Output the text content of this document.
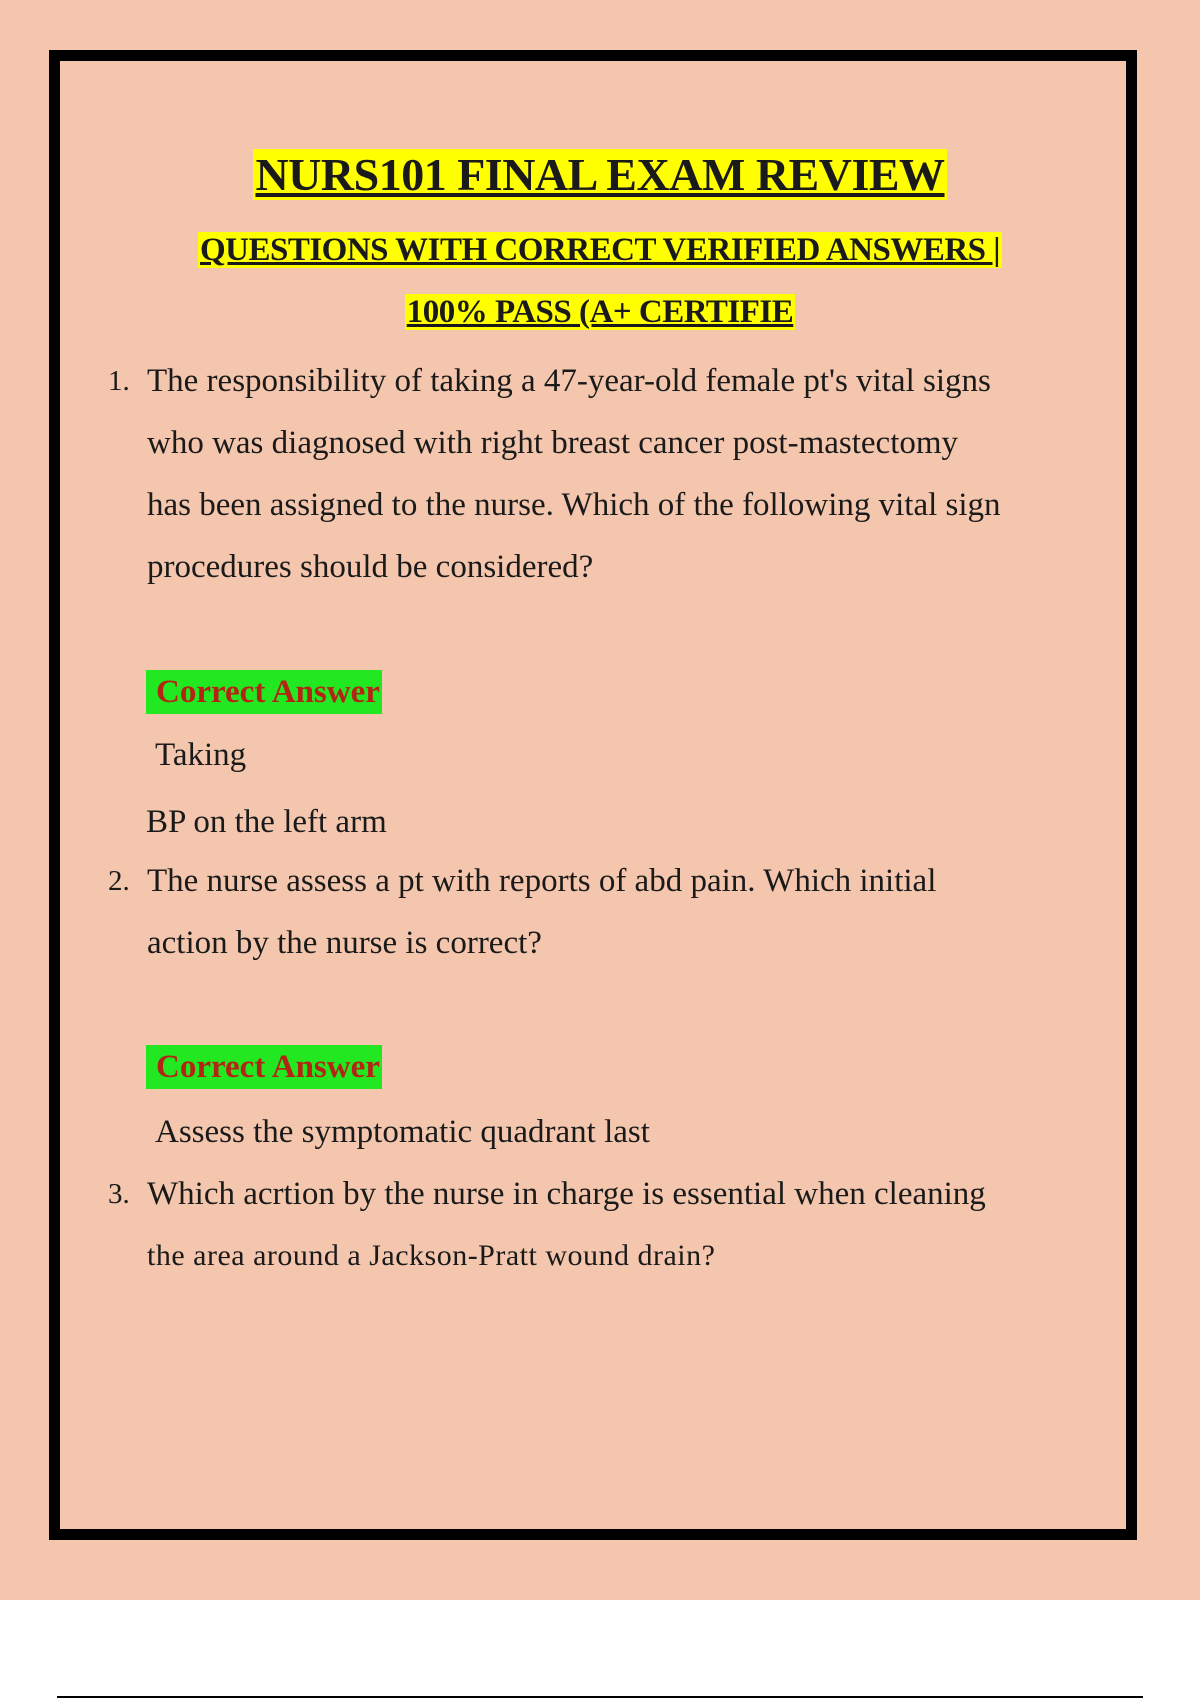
NURS101 FINAL EXAM REVIEW
QUESTIONS WITH CORRECT VERIFIED ANSWERS |
100% PASS (A+ CERTIFIE
1. The responsibility of taking a 47-year-old female pt's vital signs
who was diagnosed with right breast cancer post-mastectomy
has been assigned to the nurse. Which of the following vital sign
procedures should be considered?
Correct Answer
Taking
BP on the left arm
2. The nurse assess a pt with reports of abd pain. Which initial
action by the nurse is correct?
Correct Answer
Assess the symptomatic quadrant last
3. Which acrtion by the nurse in charge is essential when cleaning
the area around a Jackson-Pratt wound drain?
